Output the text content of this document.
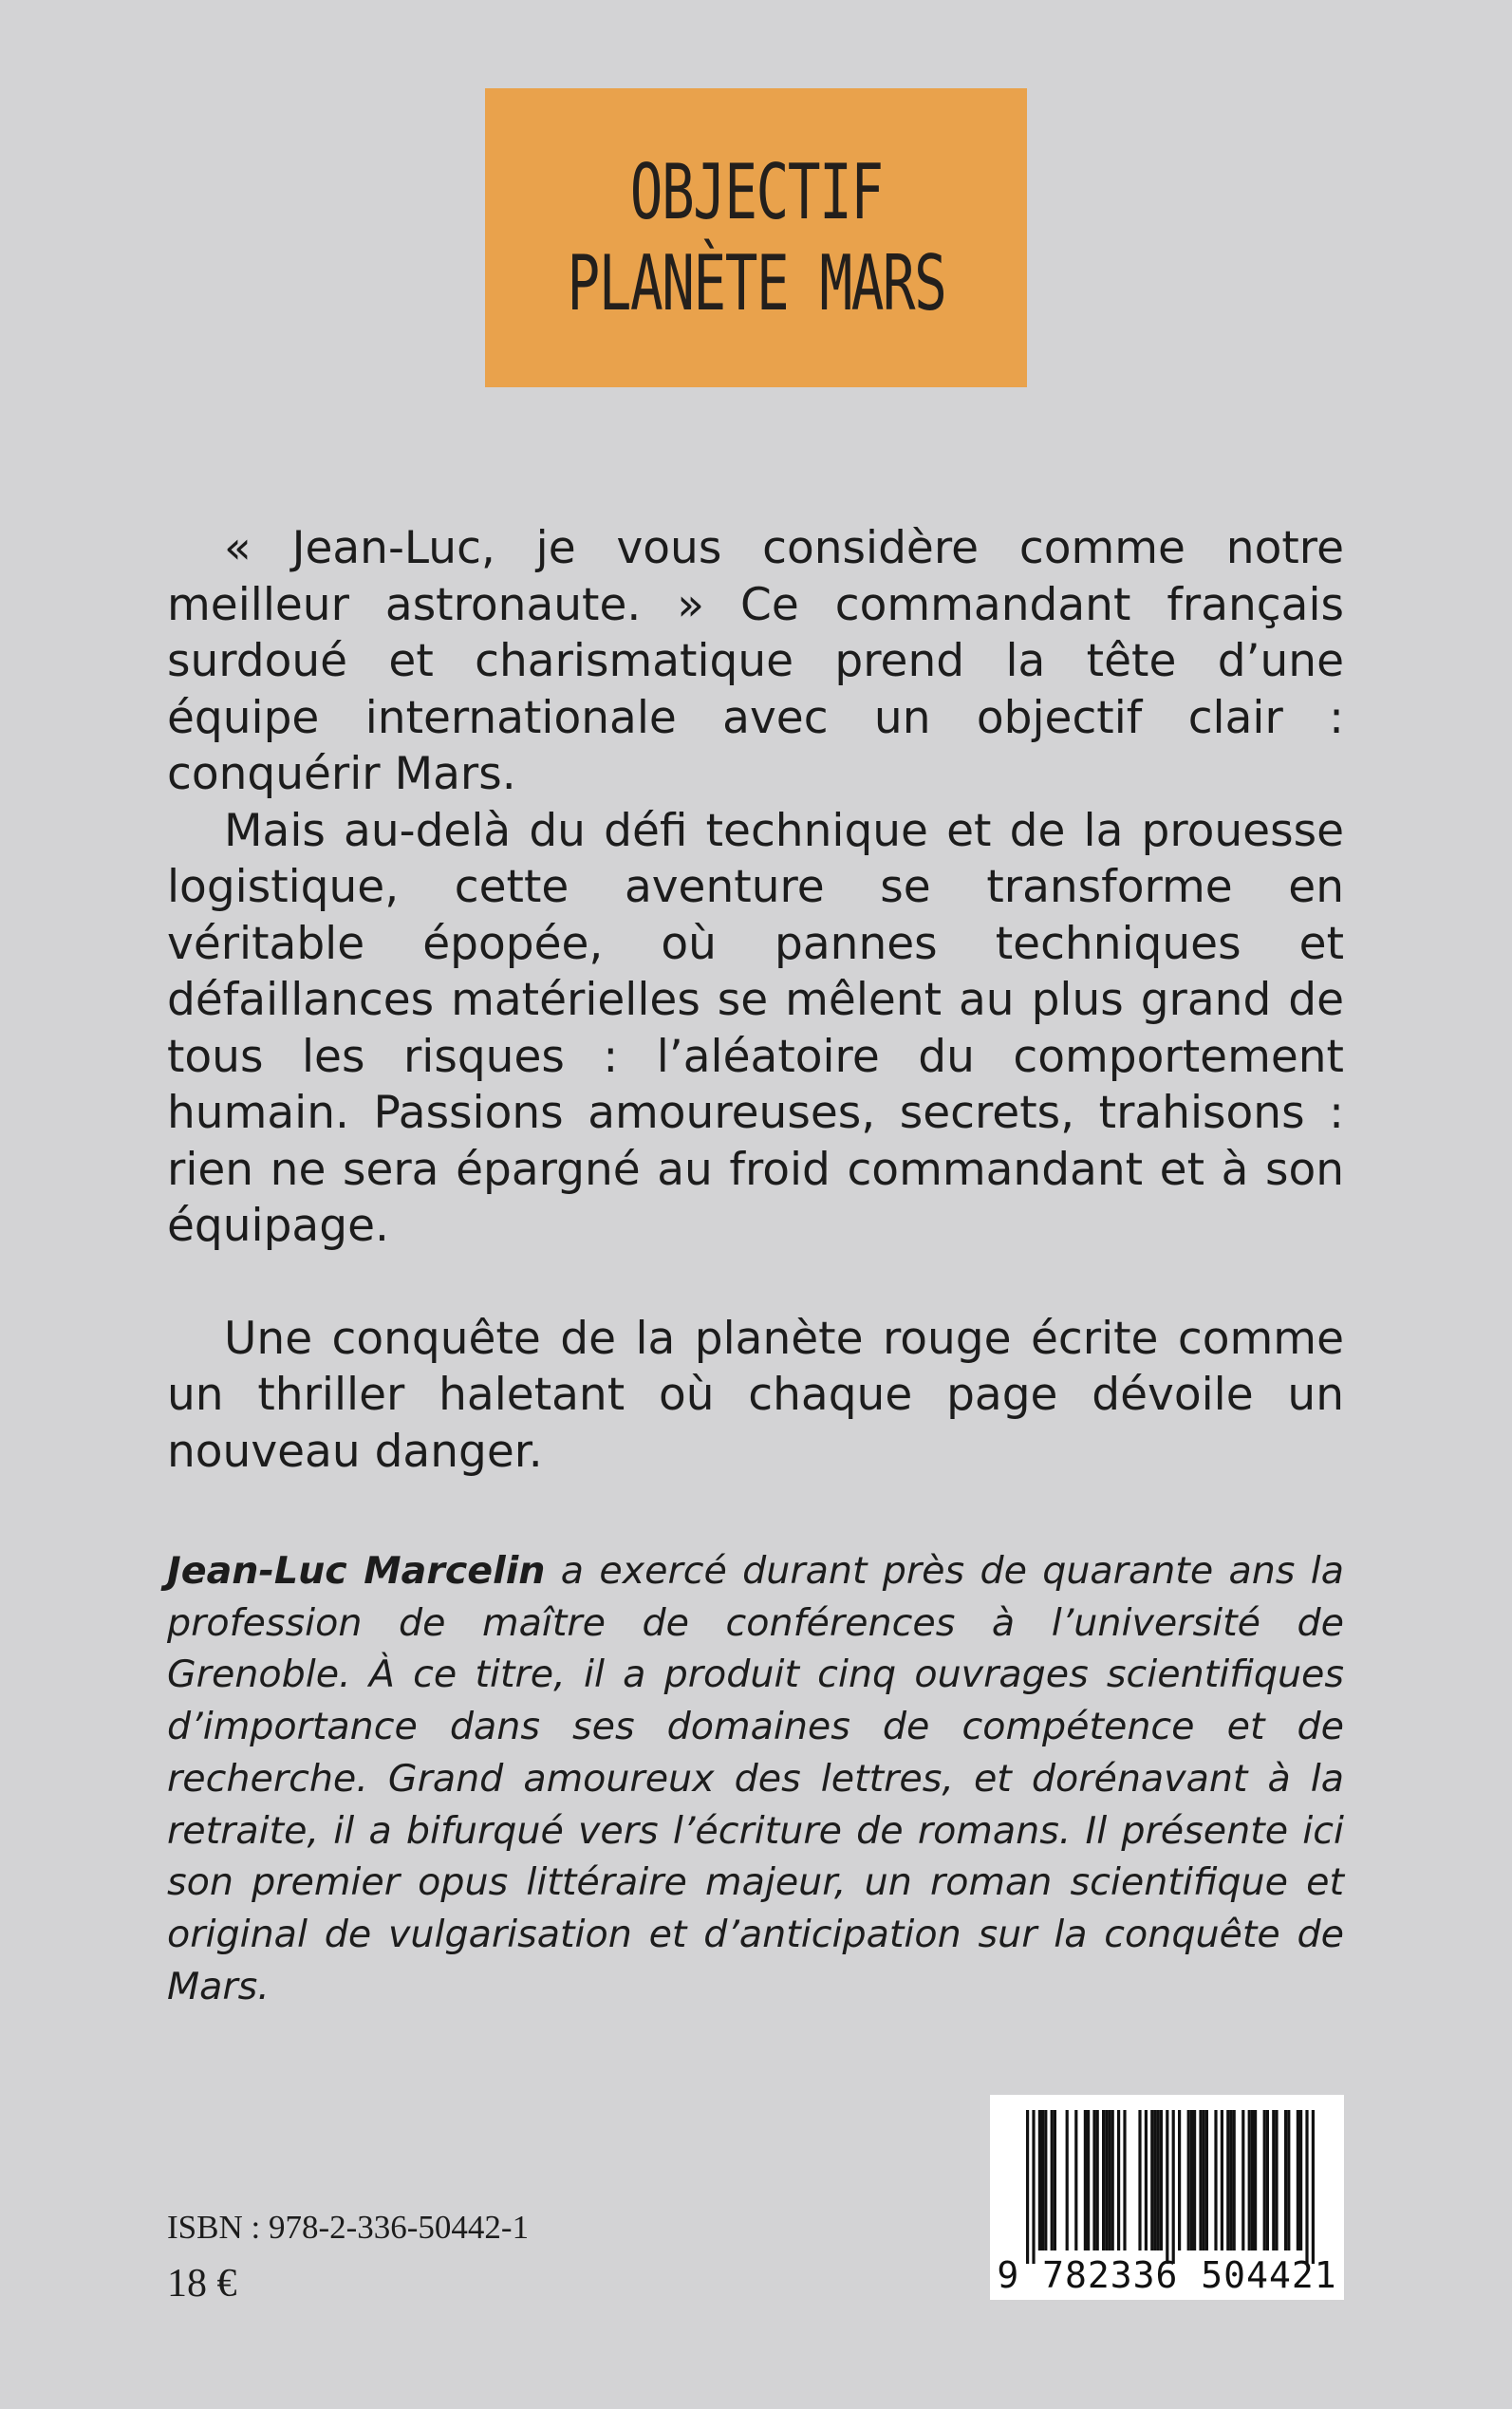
OBJECTIF
PLANÈTE MARS

« Jean-Luc, je vous considère comme notre meilleur astronaute. » Ce commandant français surdoué et charismatique prend la tête d’une équipe internationale avec un objectif clair : conquérir Mars.

Mais au-delà du défi technique et de la prouesse logistique, cette aventure se transforme en véritable épopée, où pannes techniques et défaillances matérielles se mêlent au plus grand de tous les risques : l’aléatoire du comportement humain. Passions amoureuses, secrets, trahisons : rien ne sera épargné au froid commandant et à son équipage.

Une conquête de la planète rouge écrite comme un thriller haletant où chaque page dévoile un nouveau danger.

Jean-Luc Marcelin a exercé durant près de quarante ans la profession de maître de conférences à l’université de Grenoble. À ce titre, il a produit cinq ouvrages scientifiques d’importance dans ses domaines de compétence et de recherche. Grand amoureux des lettres, et dorénavant à la retraite, il a bifurqué vers l’écriture de romans. Il présente ici son premier opus littéraire majeur, un roman scientifique et original de vulgarisation et d’anticipation sur la conquête de Mars.

ISBN : 978-2-336-50442-1
18 €	9 782336 504421
